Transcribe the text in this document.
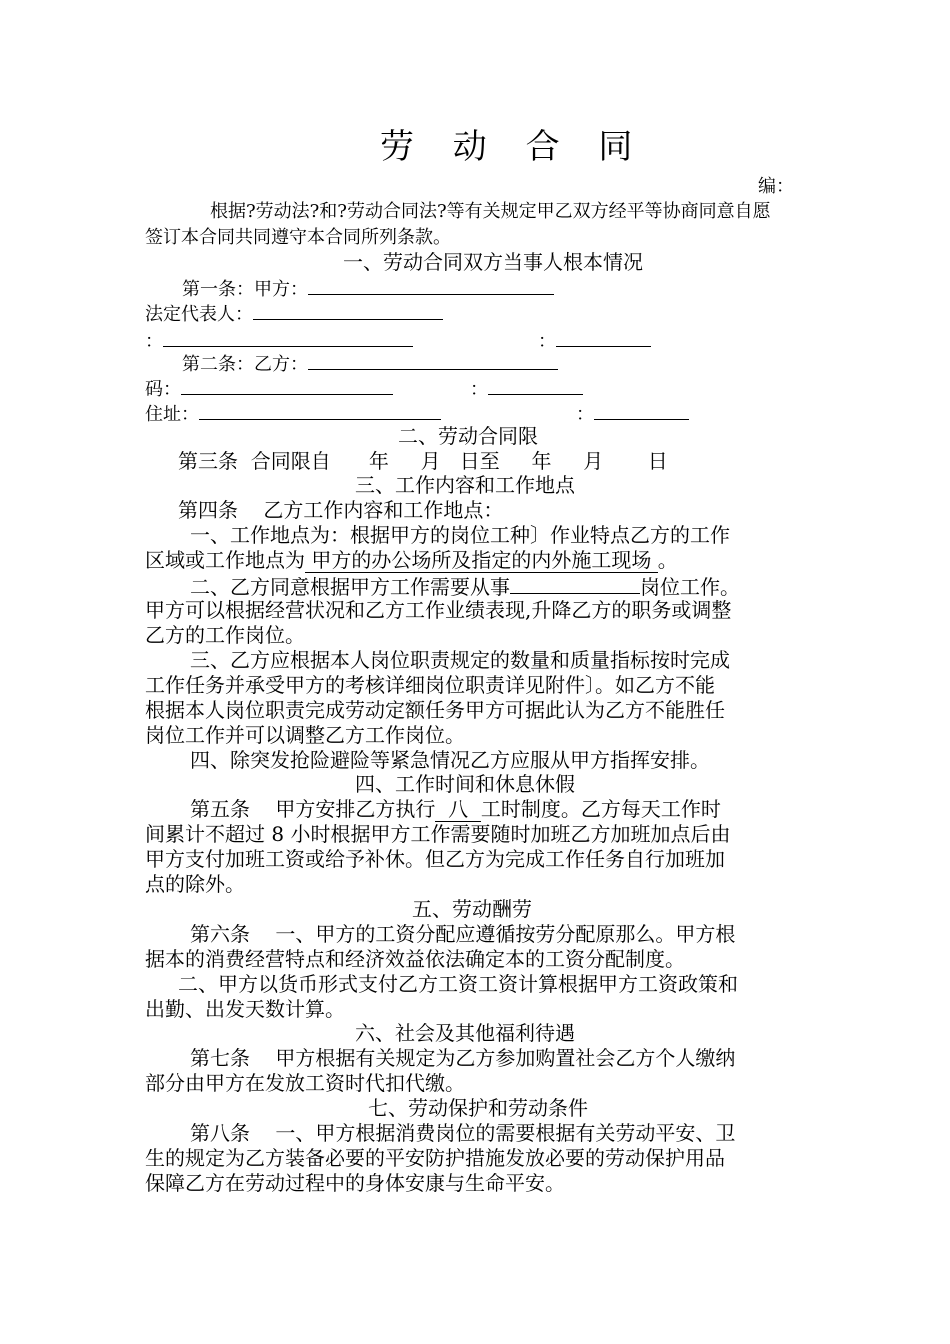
劳 动 合 同
编：
根据?劳动法?和?劳动合同法?等有关规定甲乙双方经平等协商同意自愿
签订本合同共同遵守本合同所列条款。
一、劳动合同双方当事人根本情况
第一条：甲方：
法定代表人：
：	：
第二条：乙方：
码：	：
住址：	：
二、劳动合同限
第三条  合同限自      年     月   日至     年     月       日
三、工作内容和工作地点
第四条    乙方工作内容和工作地点：
一、工作地点为：根据甲方的岗位工种〕作业特点乙方的工作
区域或工作地点为 甲方的办公场所及指定的内外施工现场 。
二、乙方同意根据甲方工作需要从事	岗位工作。
甲方可以根据经营状况和乙方工作业绩表现,升降乙方的职务或调整
乙方的工作岗位。
三、乙方应根据本人岗位职责规定的数量和质量指标按时完成
工作任务并承受甲方的考核详细岗位职责详见附件〕。如乙方不能
根据本人岗位职责完成劳动定额任务甲方可据此认为乙方不能胜任
岗位工作并可以调整乙方工作岗位。
四、除突发抢险避险等紧急情况乙方应服从甲方指挥安排。
四、工作时间和休息休假
第五条    甲方安排乙方执行  八  工时制度。乙方每天工作时
间累计不超过 8 小时根据甲方工作需要随时加班乙方加班加点后由
甲方支付加班工资或给予补休。但乙方为完成工作任务自行加班加
点的除外。
五、劳动酬劳
第六条    一、甲方的工资分配应遵循按劳分配原那么。甲方根
据本的消费经营特点和经济效益依法确定本的工资分配制度。
二、甲方以货币形式支付乙方工资工资计算根据甲方工资政策和
出勤、出发天数计算。
六、社会及其他福利待遇
第七条    甲方根据有关规定为乙方参加购置社会乙方个人缴纳
部分由甲方在发放工资时代扣代缴。
七、劳动保护和劳动条件
第八条    一、甲方根据消费岗位的需要根据有关劳动平安、卫
生的规定为乙方装备必要的平安防护措施发放必要的劳动保护用品
保障乙方在劳动过程中的身体安康与生命平安。
